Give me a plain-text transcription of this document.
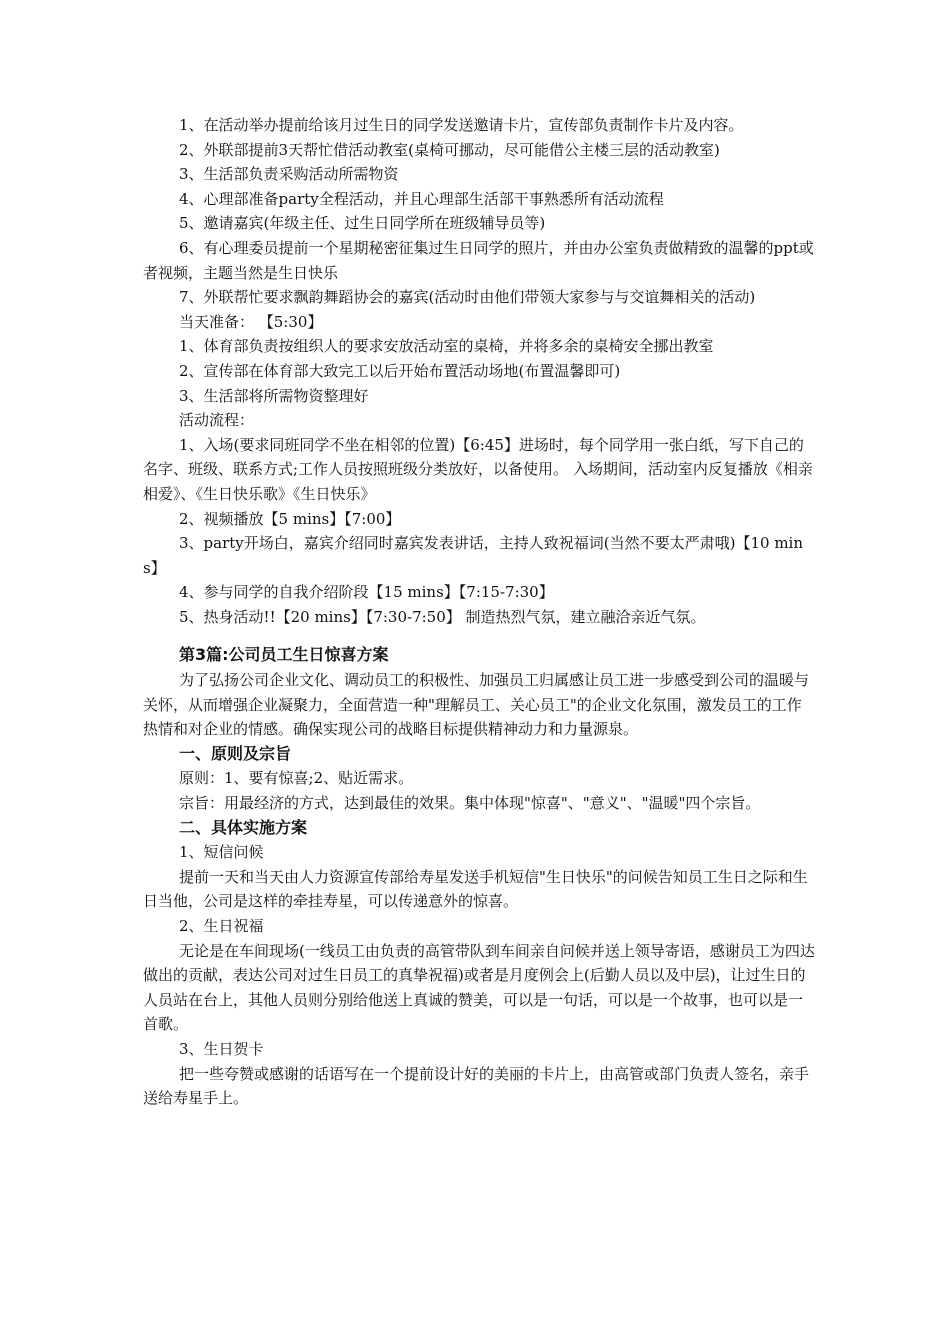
1、在活动举办提前给该月过生日的同学发送邀请卡片，宣传部负责制作卡片及内容。

2、外联部提前3天帮忙借活动教室(桌椅可挪动，尽可能借公主楼三层的活动教室)

3、生活部负责采购活动所需物资

4、心理部准备party全程活动，并且心理部生活部干事熟悉所有活动流程

5、邀请嘉宾(年级主任、过生日同学所在班级辅导员等)

6、有心理委员提前一个星期秘密征集过生日同学的照片，并由办公室负责做精致的温馨的ppt或者视频，主题当然是生日快乐

7、外联帮忙要求飘韵舞蹈协会的嘉宾(活动时由他们带领大家参与与交谊舞相关的活动)

当天准备： 【5:30】

1、体育部负责按组织人的要求安放活动室的桌椅，并将多余的桌椅安全挪出教室

2、宣传部在体育部大致完工以后开始布置活动场地(布置温馨即可)

3、生活部将所需物资整理好

活动流程：

1、入场(要求同班同学不坐在相邻的位置)【6:45】进场时，每个同学用一张白纸，写下自己的名字、班级、联系方式;工作人员按照班级分类放好，以备使用。 入场期间，活动室内反复播放《相亲相爱》、《生日快乐歌》《生日快乐》

2、视频播放【5 mins】【7:00】

3、party开场白，嘉宾介绍同时嘉宾发表讲话，主持人致祝福词(当然不要太严肃哦)【10 mins】

4、参与同学的自我介绍阶段【15 mins】【7:15-7:30】

5、热身活动!!【20 mins】【7:30-7:50】 制造热烈气氛，建立融洽亲近气氛。

第3篇:公司员工生日惊喜方案

为了弘扬公司企业文化、调动员工的积极性、加强员工归属感让员工进一步感受到公司的温暖与关怀，从而增强企业凝聚力，全面营造一种"理解员工、关心员工"的企业文化氛围，激发员工的工作热情和对企业的情感。确保实现公司的战略目标提供精神动力和力量源泉。

一、原则及宗旨

原则：1、要有惊喜;2、贴近需求。

宗旨：用最经济的方式，达到最佳的效果。集中体现"惊喜"、"意义"、"温暖"四个宗旨。

二、具体实施方案

1、短信问候

提前一天和当天由人力资源宣传部给寿星发送手机短信"生日快乐"的问候告知员工生日之际和生日当他，公司是这样的牵挂寿星，可以传递意外的惊喜。

2、生日祝福

无论是在车间现场(一线员工由负责的高管带队到车间亲自问候并送上领导寄语，感谢员工为四达做出的贡献，表达公司对过生日员工的真挚祝福)或者是月度例会上(后勤人员以及中层)，让过生日的人员站在台上，其他人员则分别给他送上真诚的赞美，可以是一句话，可以是一个故事，也可以是一首歌。

3、生日贺卡

把一些夸赞或感谢的话语写在一个提前设计好的美丽的卡片上，由高管或部门负责人签名，亲手送给寿星手上。
